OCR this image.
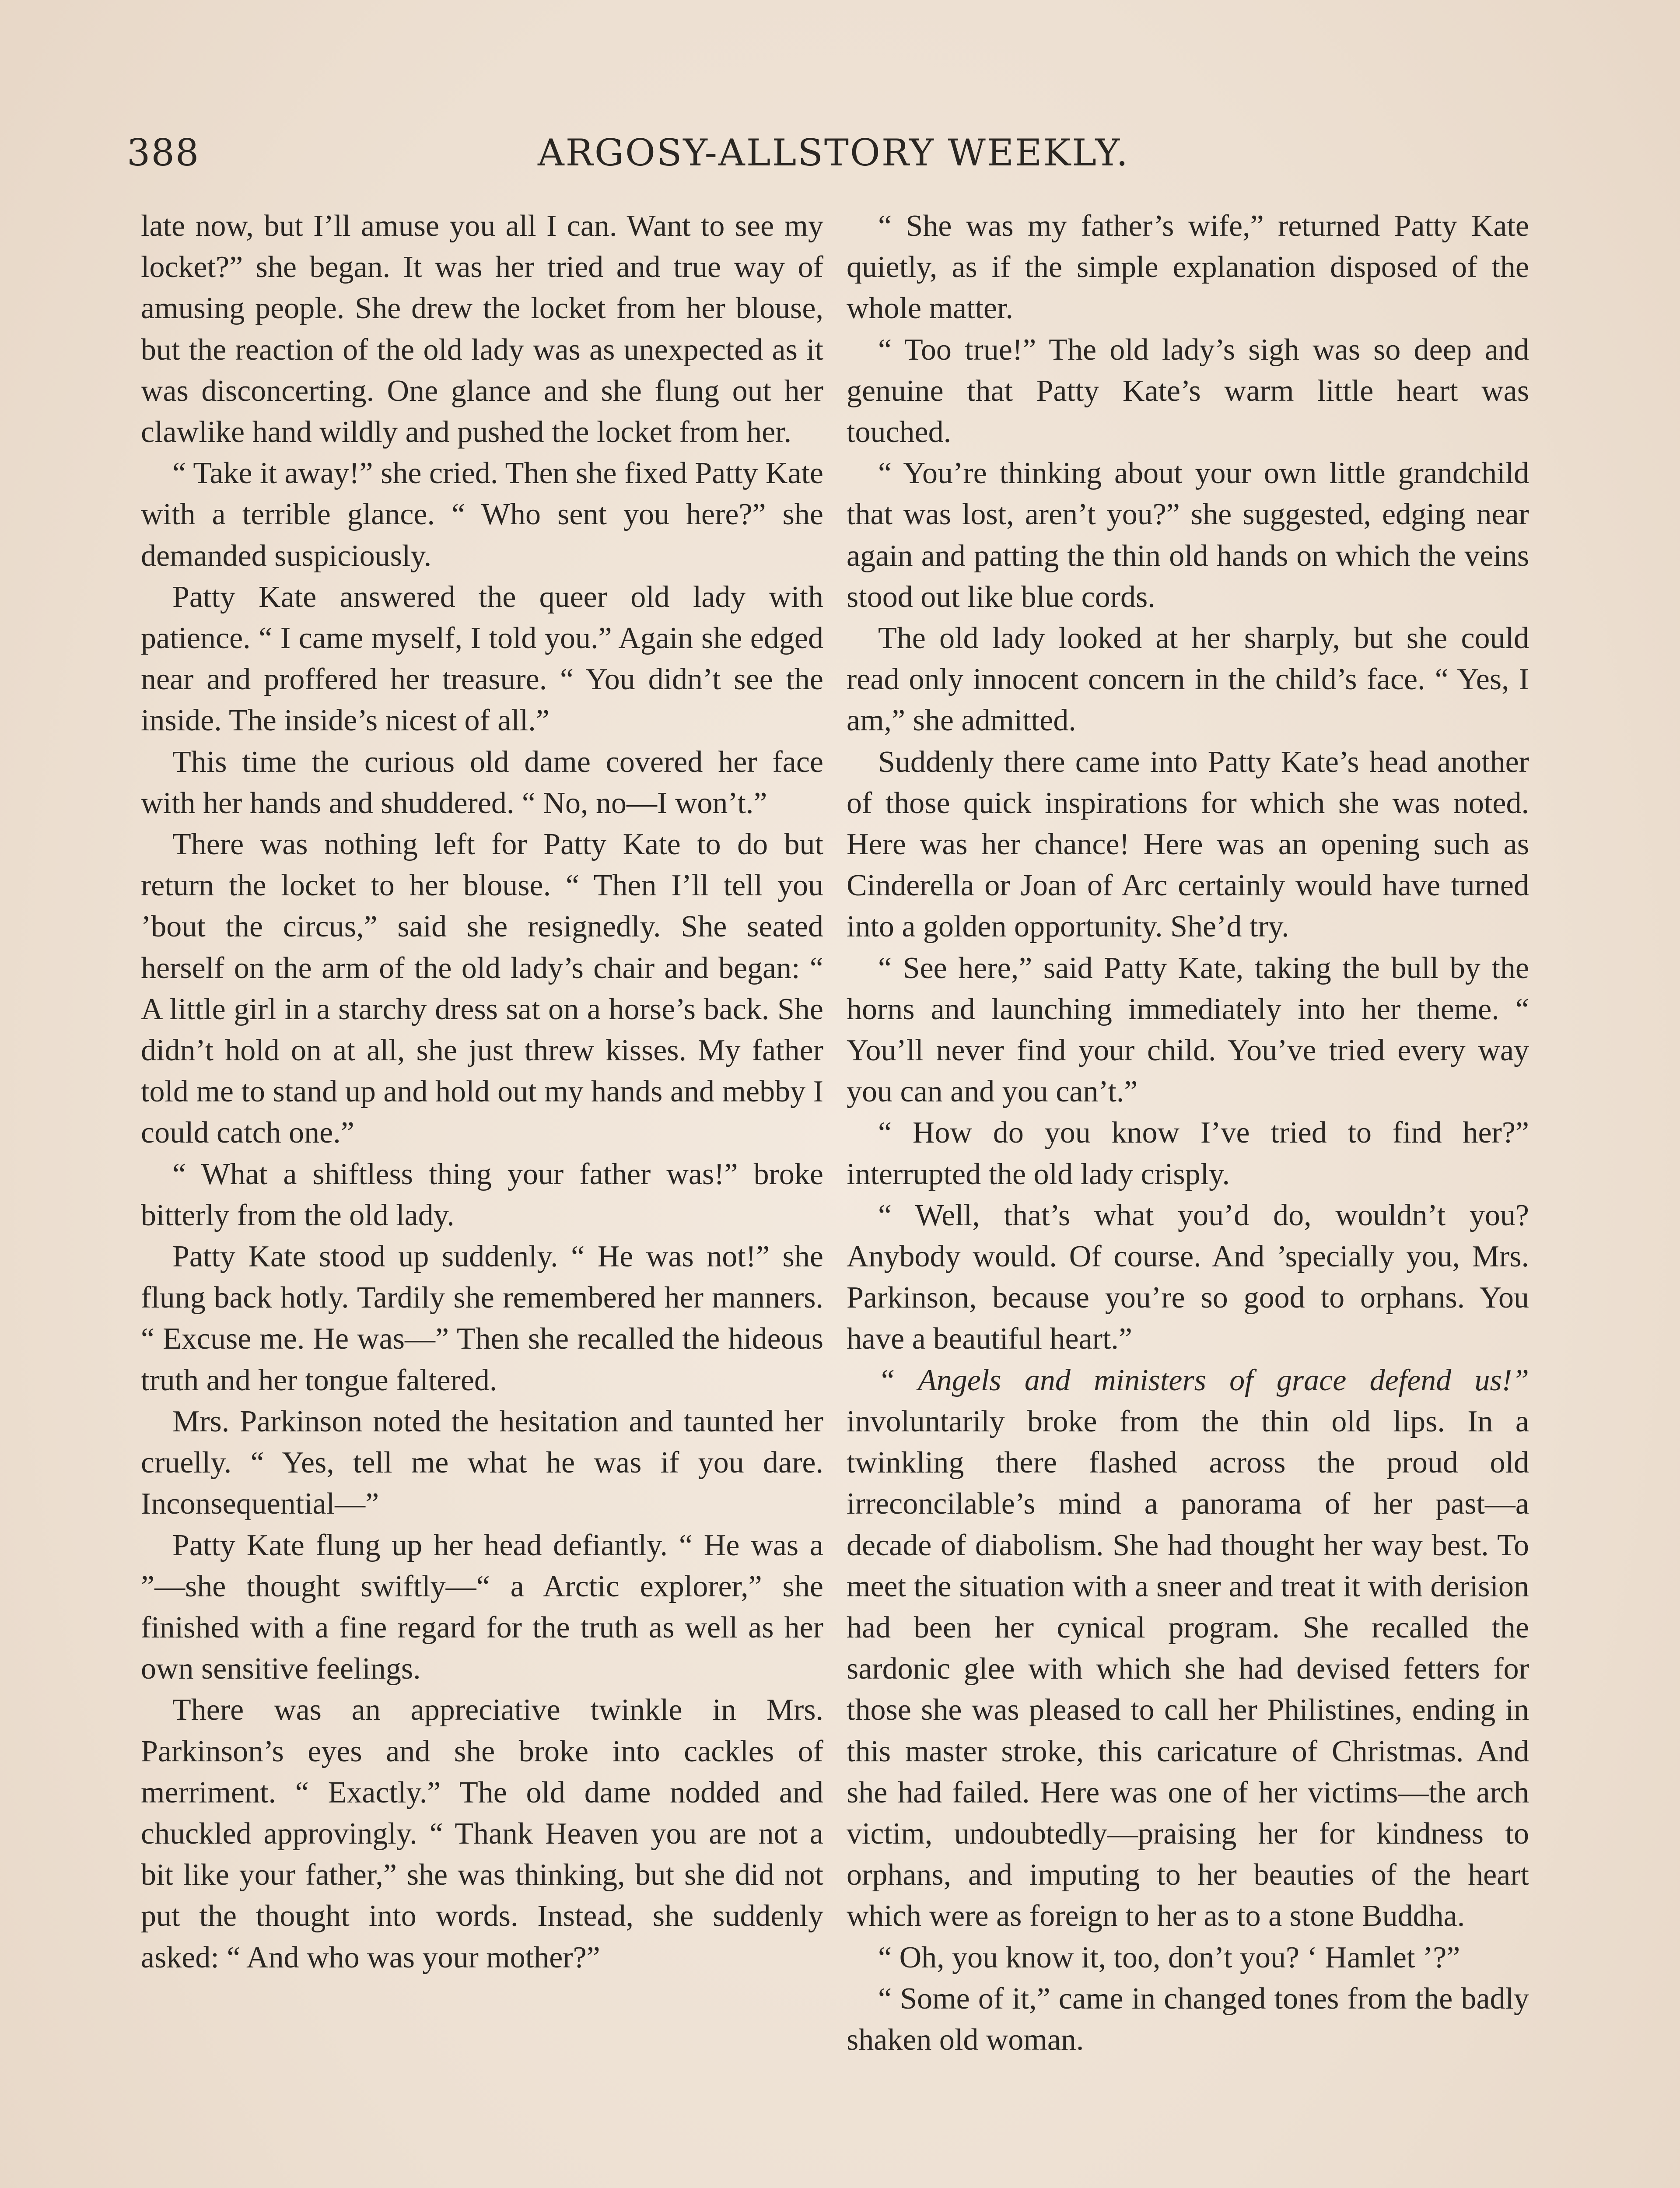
388	ARGOSY-ALLSTORY WEEKLY.

late now, but I’ll amuse you all I can. Want to see my locket?” she began. It was her tried and true way of amusing people. She drew the locket from her blouse, but the reaction of the old lady was as unexpected as it was disconcerting. One glance and she flung out her clawlike hand wildly and pushed the locket from her.

“ Take it away!” she cried. Then she fixed Patty Kate with a terrible glance. “ Who sent you here?” she demanded suspiciously.

Patty Kate answered the queer old lady with patience. “ I came myself, I told you.” Again she edged near and proffered her treasure. “ You didn’t see the inside. The inside’s nicest of all.”

This time the curious old dame covered her face with her hands and shuddered. “ No, no—I won’t.”

There was nothing left for Patty Kate to do but return the locket to her blouse. “ Then I’ll tell you ’bout the circus,” said she resignedly. She seated herself on the arm of the old lady’s chair and began: “ A little girl in a starchy dress sat on a horse’s back. She didn’t hold on at all, she just threw kisses. My father told me to stand up and hold out my hands and mebby I could catch one.”

“ What a shiftless thing your father was!” broke bitterly from the old lady.

Patty Kate stood up suddenly. “ He was not!” she flung back hotly. Tardily she remembered her manners. “ Excuse me. He was—” Then she recalled the hideous truth and her tongue faltered.

Mrs. Parkinson noted the hesitation and taunted her cruelly. “ Yes, tell me what he was if you dare. Inconsequential—”

Patty Kate flung up her head defiantly. “ He was a ”—she thought swiftly—“ a Arctic explorer,” she finished with a fine regard for the truth as well as her own sensitive feelings.

There was an appreciative twinkle in Mrs. Parkinson’s eyes and she broke into cackles of merriment. “ Exactly.” The old dame nodded and chuckled approvingly. “ Thank Heaven you are not a bit like your father,” she was thinking, but she did not put the thought into words. Instead, she suddenly asked: “ And who was your mother?”

“ She was my father’s wife,” returned Patty Kate quietly, as if the simple explanation disposed of the whole matter.

“ Too true!” The old lady’s sigh was so deep and genuine that Patty Kate’s warm little heart was touched.

“ You’re thinking about your own little grandchild that was lost, aren’t you?” she suggested, edging near again and patting the thin old hands on which the veins stood out like blue cords.

The old lady looked at her sharply, but she could read only innocent concern in the child’s face. “ Yes, I am,” she admitted.

Suddenly there came into Patty Kate’s head another of those quick inspirations for which she was noted. Here was her chance! Here was an opening such as Cinderella or Joan of Arc certainly would have turned into a golden opportunity. She’d try.

“ See here,” said Patty Kate, taking the bull by the horns and launching immediately into her theme. “ You’ll never find your child. You’ve tried every way you can and you can’t.”

“ How do you know I’ve tried to find her?” interrupted the old lady crisply.

“ Well, that’s what you’d do, wouldn’t you? Anybody would. Of course. And ’specially you, Mrs. Parkinson, because you’re so good to orphans. You have a beautiful heart.”

“ Angels and ministers of grace defend us!” involuntarily broke from the thin old lips. In a twinkling there flashed across the proud old irreconcilable’s mind a panorama of her past—a decade of diabolism. She had thought her way best. To meet the situation with a sneer and treat it with derision had been her cynical program. She recalled the sardonic glee with which she had devised fetters for those she was pleased to call her Philistines, ending in this master stroke, this caricature of Christmas. And she had failed. Here was one of her victims—the arch victim, undoubtedly—praising her for kindness to orphans, and imputing to her beauties of the heart which were as foreign to her as to a stone Buddha.

“ Oh, you know it, too, don’t you? ‘ Hamlet ’?”

“ Some of it,” came in changed tones from the badly shaken old woman.
